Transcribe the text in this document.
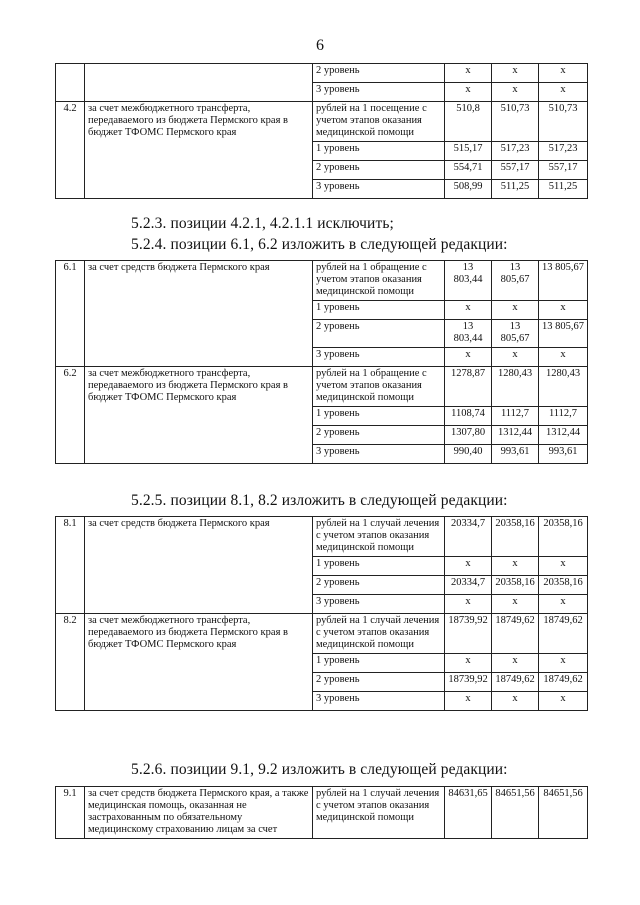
6
		2 уровень	х	х	х
		3 уровень	х	х	х
4.2	за счет межбюджетного трансферта, передаваемого из бюджета Пермского края в бюджет ТФОМС Пермского края	рублей на 1 посещение с учетом этапов оказания медицинской помощи	510,8	510,73	510,73
		1 уровень	515,17	517,23	517,23
		2 уровень	554,71	557,17	557,17
		3 уровень	508,99	511,25	511,25
5.2.3. позиции 4.2.1, 4.2.1.1 исключить;
5.2.4. позиции 6.1, 6.2 изложить в следующей редакции:
6.1	за счет средств бюджета Пермского края	рублей на 1 обращение с учетом этапов оказания медицинской помощи	13 803,44	13 805,67	13 805,67
		1 уровень	х	х	х
		2 уровень	13 803,44	13 805,67	13 805,67
		3 уровень	х	х	х
6.2	за счет межбюджетного трансферта, передаваемого из бюджета Пермского края в бюджет ТФОМС Пермского края	рублей на 1 обращение с учетом этапов оказания медицинской помощи	1278,87	1280,43	1280,43
		1 уровень	1108,74	1112,7	1112,7
		2 уровень	1307,80	1312,44	1312,44
		3 уровень	990,40	993,61	993,61
5.2.5. позиции 8.1, 8.2 изложить в следующей редакции:
8.1	за счет средств бюджета Пермского края	рублей на 1 случай лечения с учетом этапов оказания медицинской помощи	20334,7	20358,16	20358,16
		1 уровень	х	х	х
		2 уровень	20334,7	20358,16	20358,16
		3 уровень	х	х	х
8.2	за счет межбюджетного трансферта, передаваемого из бюджета Пермского края в бюджет ТФОМС Пермского края	рублей на 1 случай лечения с учетом этапов оказания медицинской помощи	18739,92	18749,62	18749,62
		1 уровень	х	х	х
		2 уровень	18739,92	18749,62	18749,62
		3 уровень	х	х	х
5.2.6. позиции 9.1, 9.2 изложить в следующей редакции:
9.1	за счет средств бюджета Пермского края, а также медицинская помощь, оказанная не застрахованным по обязательному медицинскому страхованию лицам за счет	рублей на 1 случай лечения с учетом этапов оказания медицинской помощи	84631,65	84651,56	84651,56
